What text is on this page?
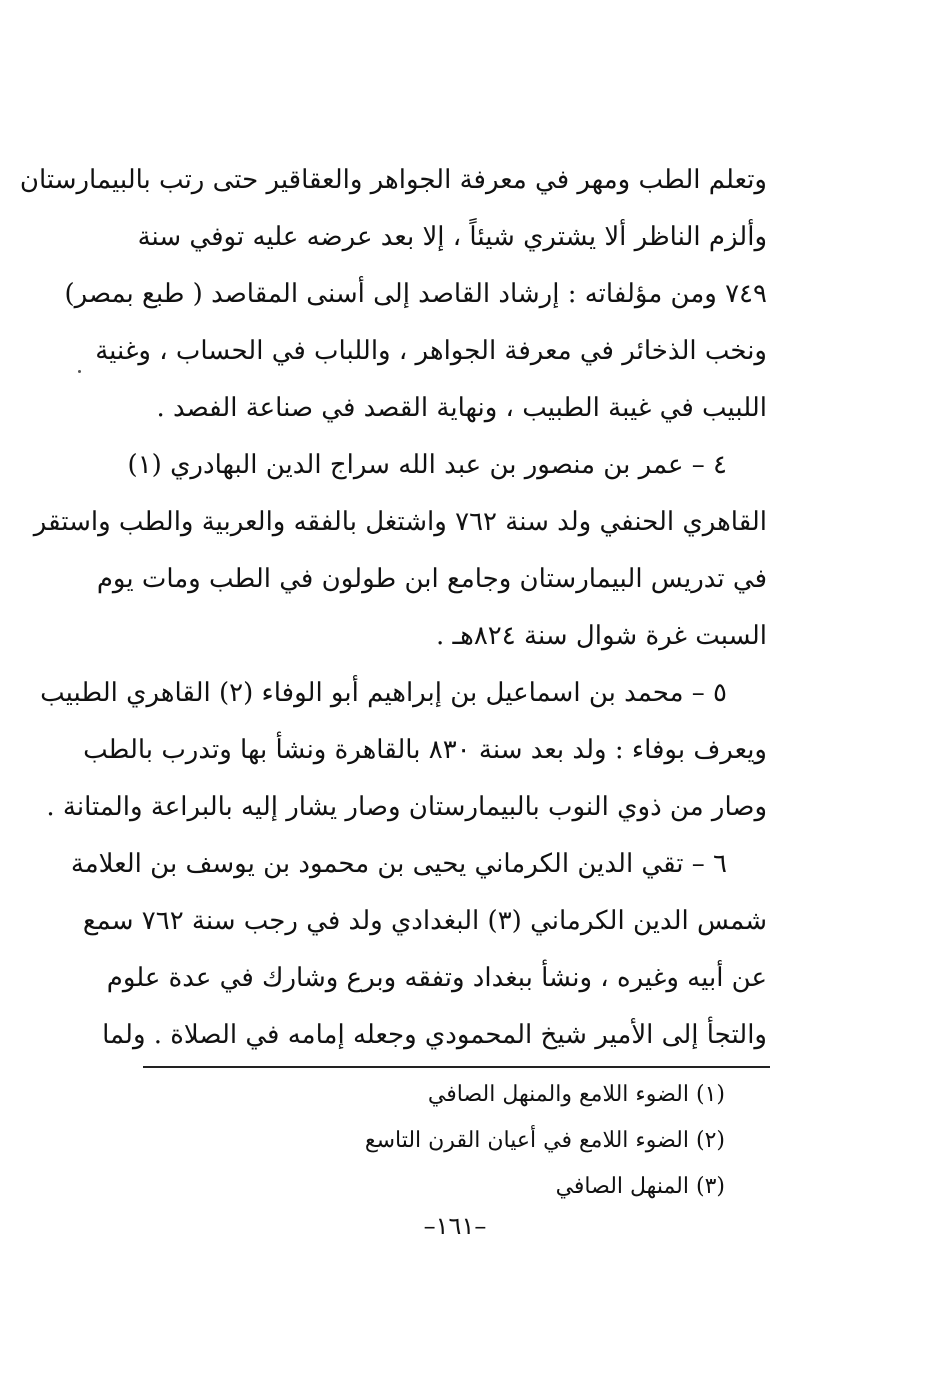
وتعلم الطب ومهر في معرفة الجواهر والعقاقير حتى رتب بالبيمارستان
وألزم الناظر ألا يشتري شيئاً ، إلا بعد عرضه عليه توفي سنة
٧٤٩ ومن مؤلفاته : إرشاد القاصد إلى أسنى المقاصد ( طبع بمصر)
ونخب الذخائر في معرفة الجواهر ، واللباب في الحساب ، وغنية
اللبيب في غيبة الطبيب ، ونهاية القصد في صناعة الفصد .
٤ – عمر بن منصور بن عبد الله سراج الدين البهادري (١)
القاهري الحنفي ولد سنة ٧٦٢ واشتغل بالفقه والعربية والطب واستقر
في تدريس البيمارستان وجامع ابن طولون في الطب ومات يوم
السبت غرة شوال سنة ٨٢٤هـ .
٥ – محمد بن اسماعيل بن إبراهيم أبو الوفاء (٢) القاهري الطبيب
ويعرف بوفاء : ولد بعد سنة ٨٣٠ بالقاهرة ونشأ بها وتدرب بالطب
وصار من ذوي النوب بالبيمارستان وصار يشار إليه بالبراعة والمتانة .
٦ – تقي الدين الكرماني يحيى بن محمود بن يوسف بن العلامة
شمس الدين الكرماني (٣) البغدادي ولد في رجب سنة ٧٦٢ سمع
عن أبيه وغيره ، ونشأ ببغداد وتفقه وبرع وشارك في عدة علوم
والتجأ إلى الأمير شيخ المحمودي وجعله إمامه في الصلاة . ولما
(١) الضوء اللامع والمنهل الصافي
(٢) الضوء اللامع في أعيان القرن التاسع
(٣) المنهل الصافي
–١٦١–
